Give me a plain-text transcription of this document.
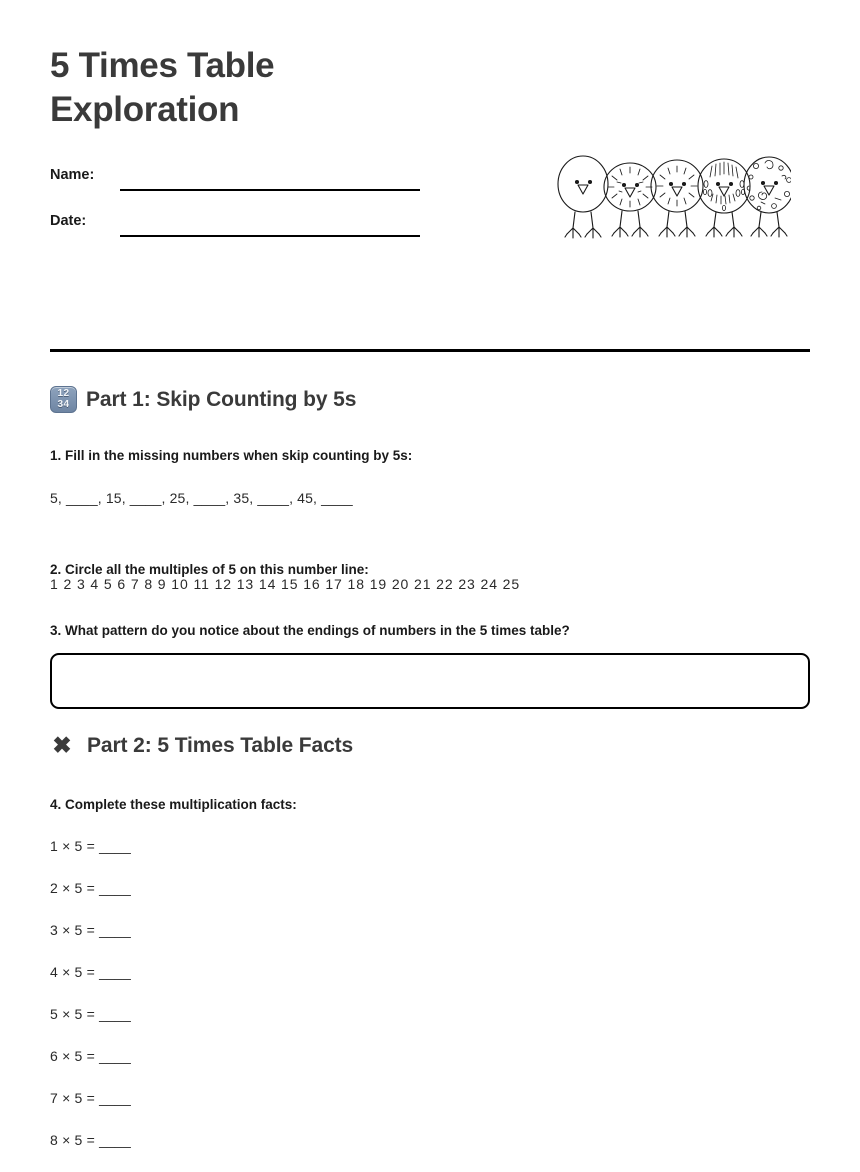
5 Times Table Exploration
Name:
Date:
12
34 Part 1: Skip Counting by 5s
1. Fill in the missing numbers when skip counting by 5s:
5, ____, 15, ____, 25, ____, 35, ____, 45, ____
2. Circle all the multiples of 5 on this number line:
1 2 3 4 5 6 7 8 9 10 11 12 13 14 15 16 17 18 19 20 21 22 23 24 25
3. What pattern do you notice about the endings of numbers in the 5 times table?
✖ Part 2: 5 Times Table Facts
4. Complete these multiplication facts:
1 × 5 = ____
2 × 5 = ____
3 × 5 = ____
4 × 5 = ____
5 × 5 = ____
6 × 5 = ____
7 × 5 = ____
8 × 5 = ____
